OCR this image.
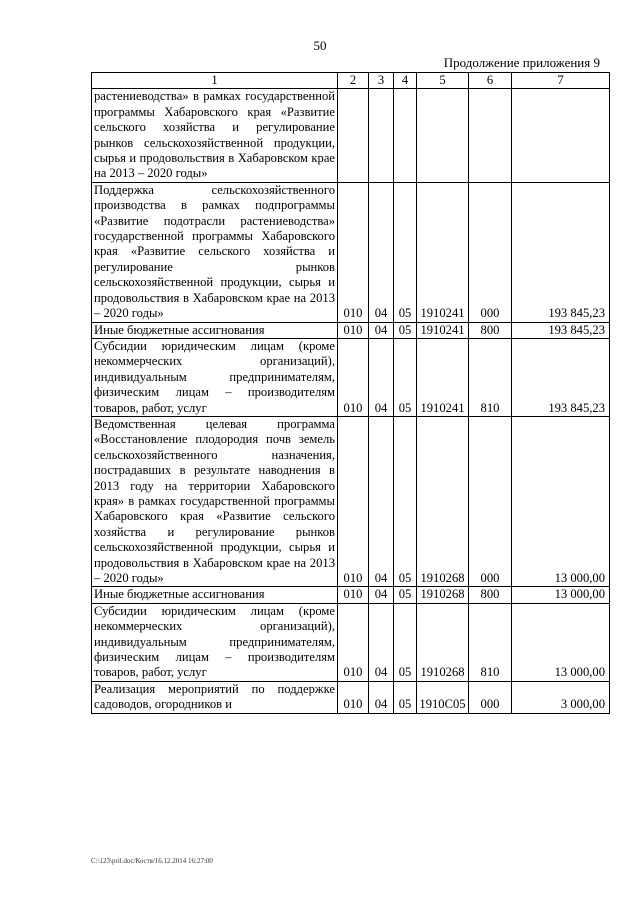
50
Продолжение приложения 9
1	2	3	4	5	6	7
растениеводства» в рамках государственной программы Хабаровского края «Развитие сельского хозяйства и регулирование рынков сельскохозяйственной продукции, сырья и продовольствия в Хабаровском крае на 2013 – 2020 годы»						
Поддержка сельскохозяйственного производства в рамках подпрограммы «Развитие подотрасли растениеводства» государственной программы Хабаровского края «Развитие сельского хозяйства и регулирование рынков сельскохозяйственной продукции, сырья и продовольствия в Хабаровском крае на 2013 – 2020 годы»	010	04	05	1910241	000	193 845,23
Иные бюджетные ассигнования	010	04	05	1910241	800	193 845,23
Субсидии юридическим лицам (кроме некоммерческих организаций), индивидуальным предпринимателям, физическим лицам – производителям товаров, работ, услуг	010	04	05	1910241	810	193 845,23
Ведомственная целевая программа «Восстановление плодородия почв земель сельскохозяйственного назначения, пострадавших в результате наводнения в 2013 году на территории Хабаровского края» в рамках государственной программы Хабаровского края «Развитие сельского хозяйства и регулирование рынков сельскохозяйственной продукции, сырья и продовольствия в Хабаровском крае на 2013 – 2020 годы»	010	04	05	1910268	000	13 000,00
Иные бюджетные ассигнования	010	04	05	1910268	800	13 000,00
Субсидии юридическим лицам (кроме некоммерческих организаций), индивидуальным предпринимателям, физическим лицам – производителям товаров, работ, услуг	010	04	05	1910268	810	13 000,00
Реализация мероприятий по поддержке садоводов, огородников и	010	04	05	1910С05	000	3 000,00
C:\123\pril.doc/Костя/16.12.2014 16:27:00
